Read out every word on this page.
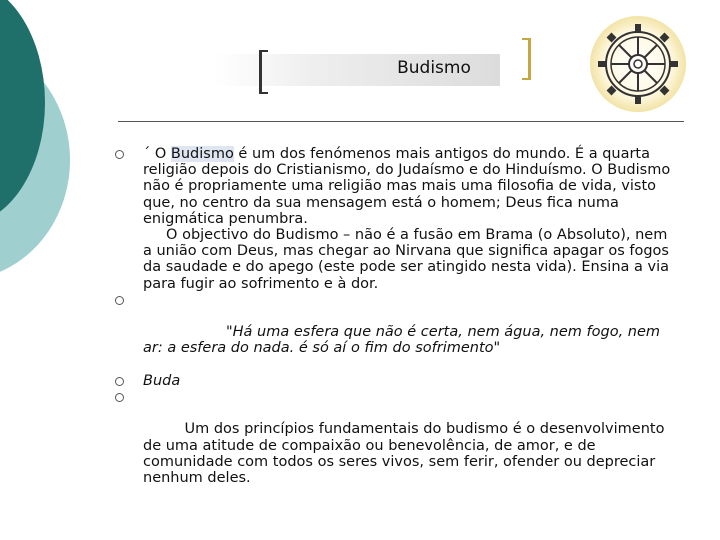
Budismo
´ O Budismo é um dos fenómenos mais antigos do mundo. É a quarta religião depois do Cristianismo, do Judaísmo e do Hinduísmo. O Budismo não é propriamente uma religião mas mais uma filosofia de vida, visto que, no centro da sua mensagem está o homem; Deus fica numa enigmática penumbra.
O objectivo do Budismo – não é a fusão em Brama (o Absoluto), nem a união com Deus, mas chegar ao Nirvana que significa apagar os fogos da saudade e do apego (este pode ser atingido nesta vida). Ensina a via para fugir ao sofrimento e à dor.

"Há uma esfera que não é certa, nem água, nem fogo, nem ar: a esfera do nada. é só aí o fim do sofrimento"

Buda

Um dos princípios fundamentais do budismo é o desenvolvimento de uma atitude de compaixão ou benevolência, de amor, e de comunidade com todos os seres vivos, sem ferir, ofender ou depreciar nenhum deles.
